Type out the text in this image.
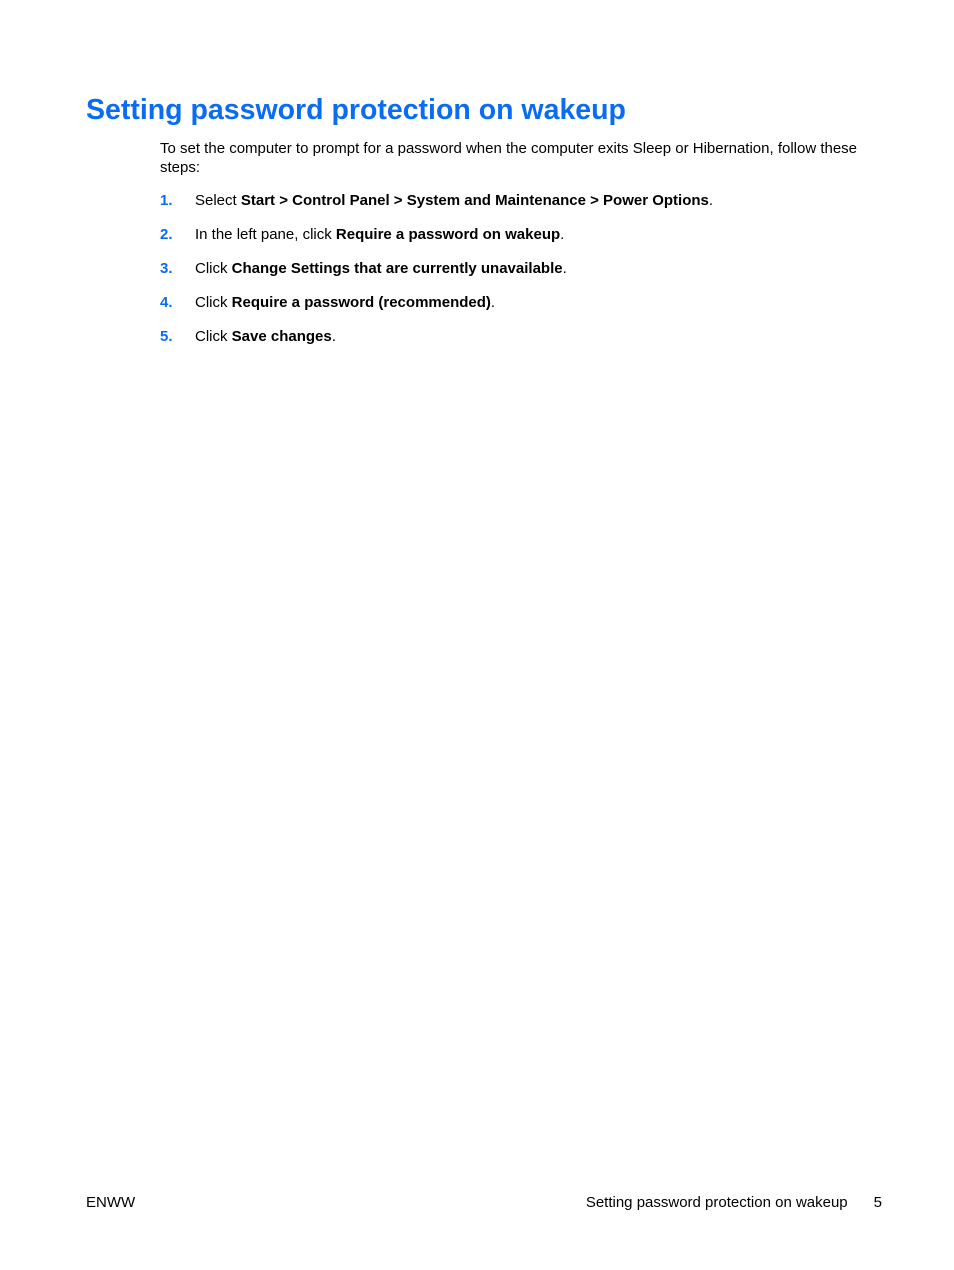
Setting password protection on wakeup

To set the computer to prompt for a password when the computer exits Sleep or Hibernation, follow these steps:

1. Select Start > Control Panel > System and Maintenance > Power Options.
2. In the left pane, click Require a password on wakeup.
3. Click Change Settings that are currently unavailable.
4. Click Require a password (recommended).
5. Click Save changes.
ENWW	Setting password protection on wakeup 5
